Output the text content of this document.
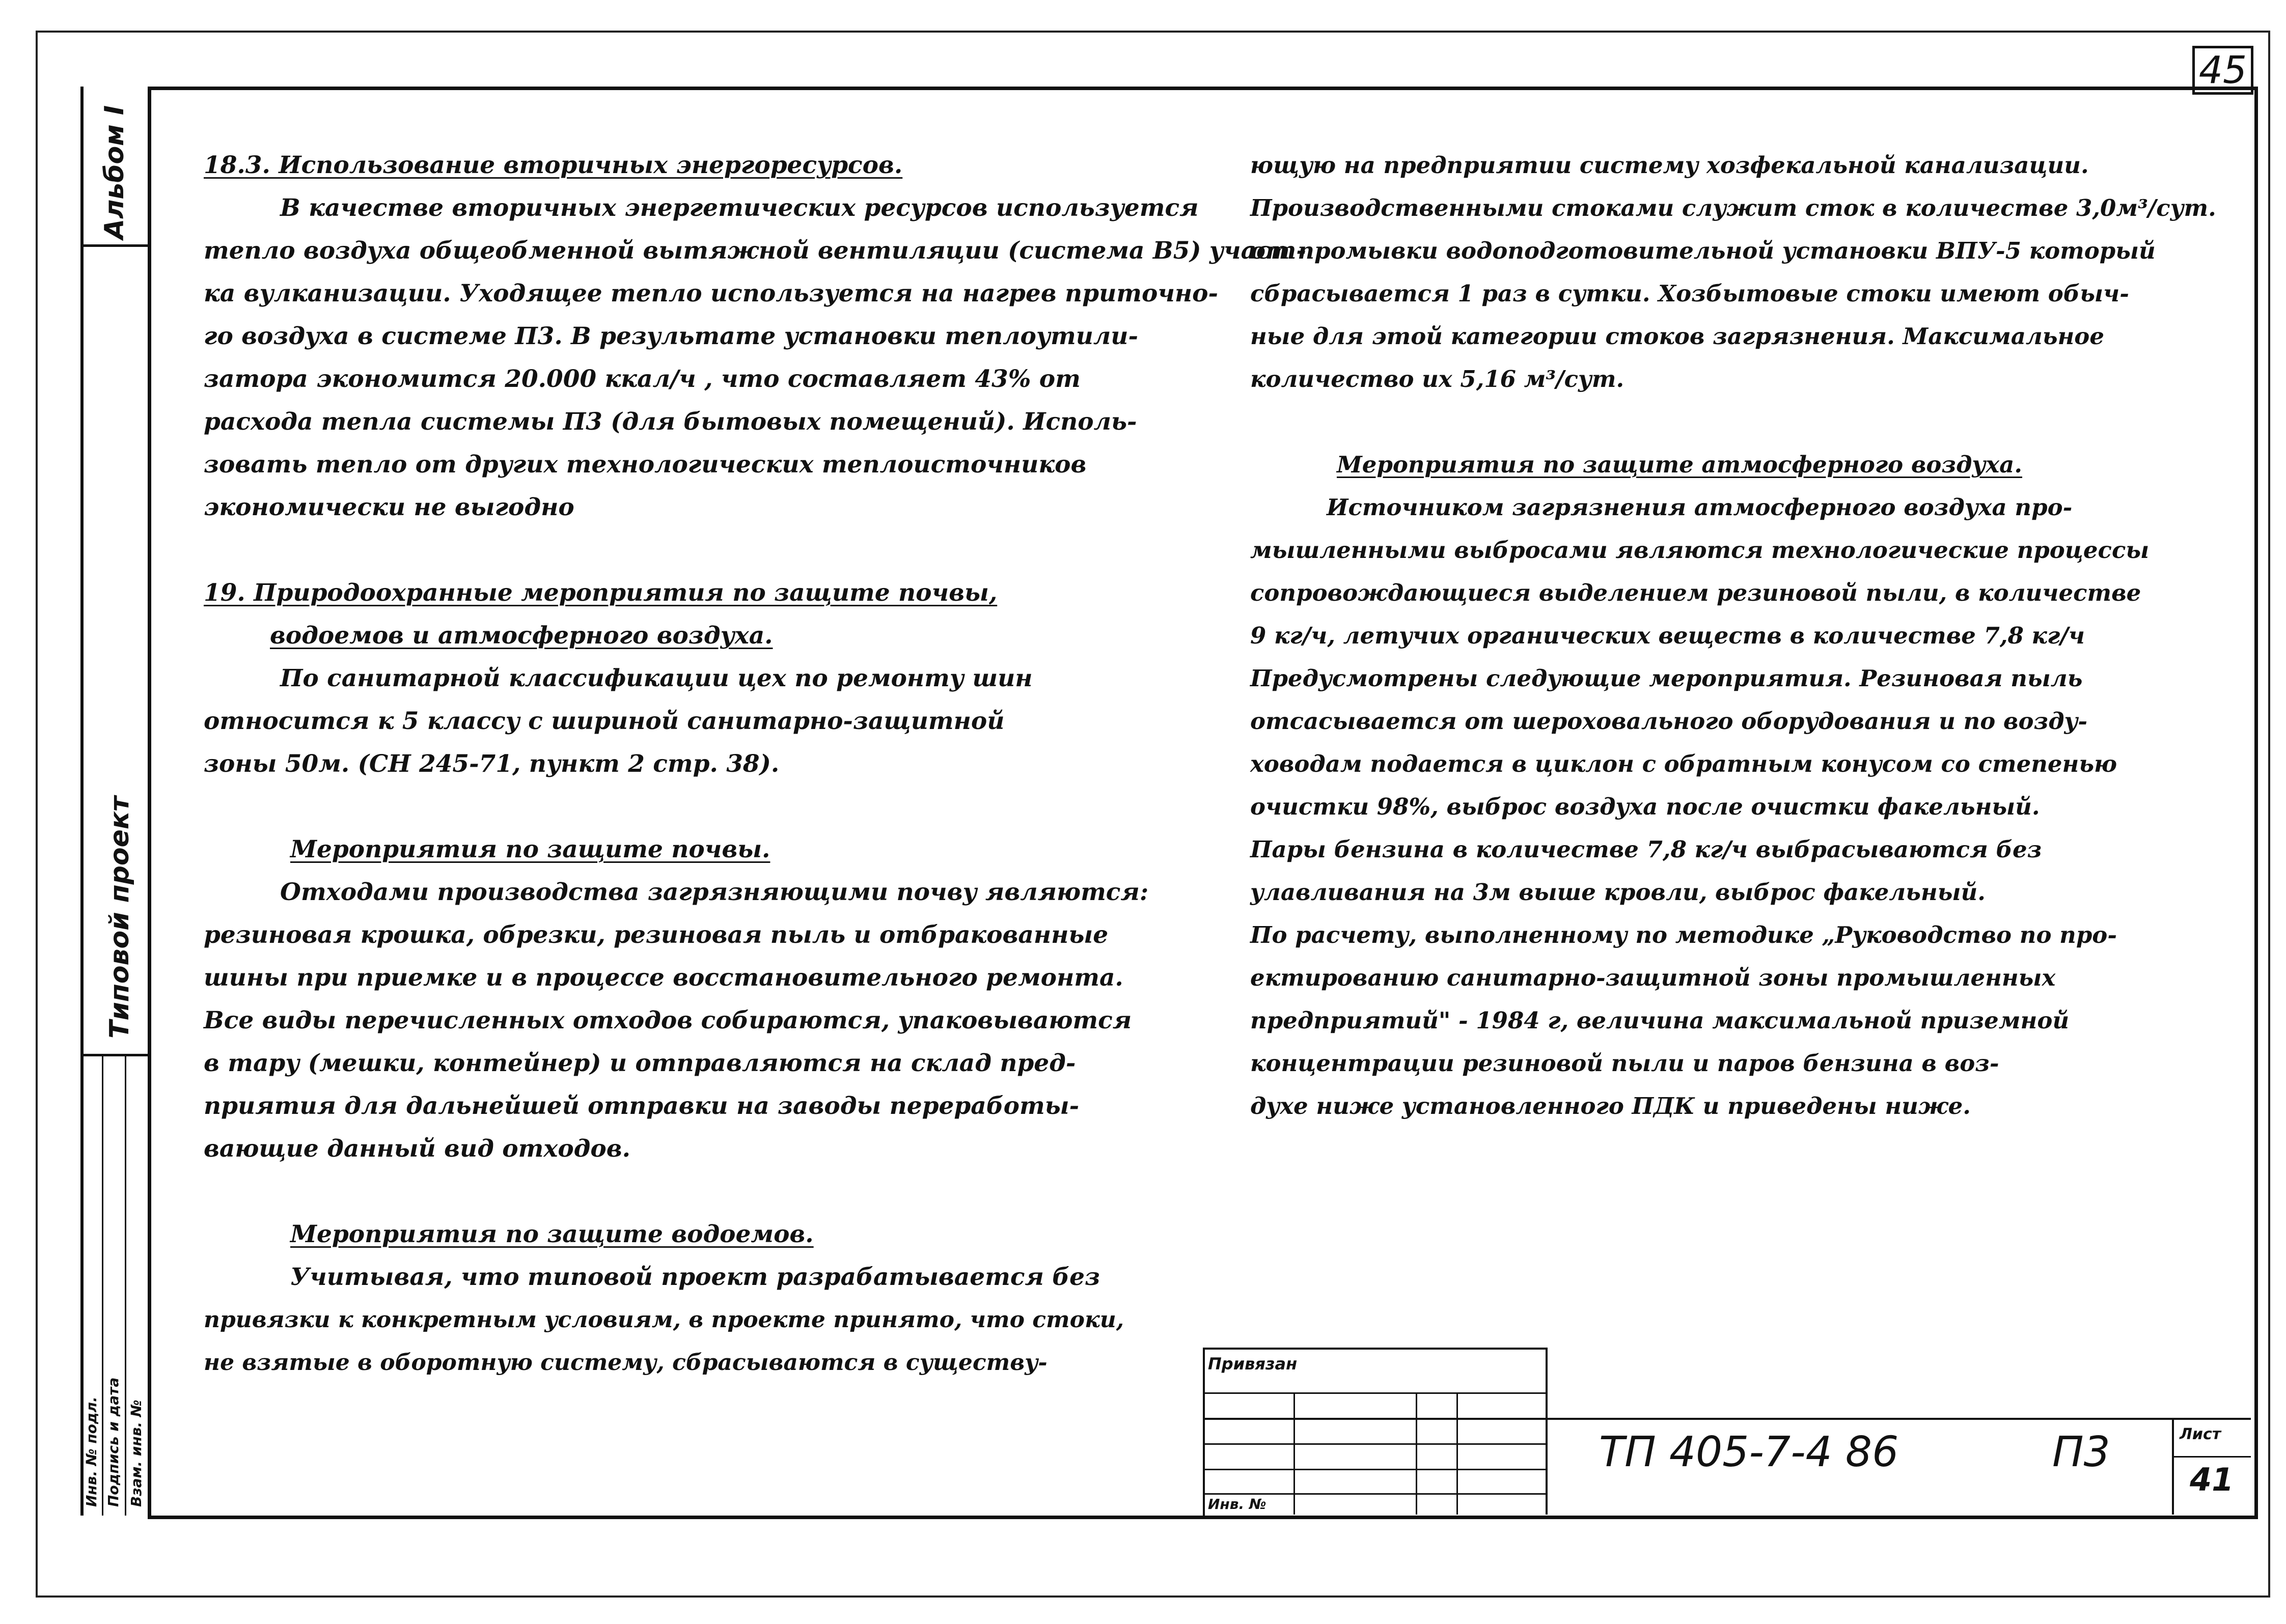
45
Альбом I
Типовой проект
Инв. № подл. Подпись и дата Взам. инв. №

18.3. Использование вторичных энергоресурсов.

В качестве вторичных энергетических ресурсов используется

тепло воздуха общеобменной вытяжной вентиляции (система В5) участ-

ка вулканизации. Уходящее тепло используется на нагрев приточно-

го воздуха в системе П3. В результате установки теплоутили-

затора экономится 20.000 ккал/ч , что составляет 43% от

расхода тепла системы П3 (для бытовых помещений). Исполь-

зовать тепло от других технологических теплоисточников

экономически не выгодно

19. Природоохранные мероприятия по защите почвы,

водоемов и атмосферного воздуха.

По санитарной классификации цех по ремонту шин

относится к 5 классу с шириной санитарно-защитной

зоны 50м. (СН 245-71, пункт 2 стр. 38).

Мероприятия по защите почвы.

Отходами производства загрязняющими почву являются:

резиновая крошка, обрезки, резиновая пыль и отбракованные

шины при приемке и в процессе восстановительного ремонта.

Все виды перечисленных отходов собираются, упаковываются

в тару (мешки, контейнер) и отправляются на склад пред-

приятия для дальнейшей отправки на заводы переработы-

вающие данный вид отходов.

Мероприятия по защите водоемов.

Учитывая, что типовой проект разрабатывается без

привязки к конкретным условиям, в проекте принято, что стоки,

не взятые в оборотную систему, сбрасываются в существу-

ющую на предприятии систему хозфекальной канализации.

Производственными стоками служит сток в количестве 3,0м³/сут.

от промывки водоподготовительной установки ВПУ-5 который

сбрасывается 1 раз в сутки. Хозбытовые стоки имеют обыч-

ные для этой категории стоков загрязнения. Максимальное

количество их 5,16 м³/сут.

Мероприятия по защите атмосферного воздуха.

Источником загрязнения атмосферного воздуха про-

мышленными выбросами являются технологические процессы

сопровождающиеся выделением резиновой пыли, в количестве

9 кг/ч, летучих органических веществ в количестве 7,8 кг/ч

Предусмотрены следующие мероприятия. Резиновая пыль

отсасывается от шероховального оборудования и по возду-

ховодам подается в циклон с обратным конусом со степенью

очистки 98%, выброс воздуха после очистки факельный.

Пары бензина в количестве 7,8 кг/ч выбрасываются без

улавливания на 3м выше кровли, выброс факельный.

По расчету, выполненному по методике „Руководство по про-

ектированию санитарно-защитной зоны промышленных

предприятий" - 1984 г, величина максимальной приземной

концентрации резиновой пыли и паров бензина в воз-

духе ниже установленного ПДК и приведены ниже.

Привязан
Инв. №
ТП 405-7-4 86	П3	Лист
41
